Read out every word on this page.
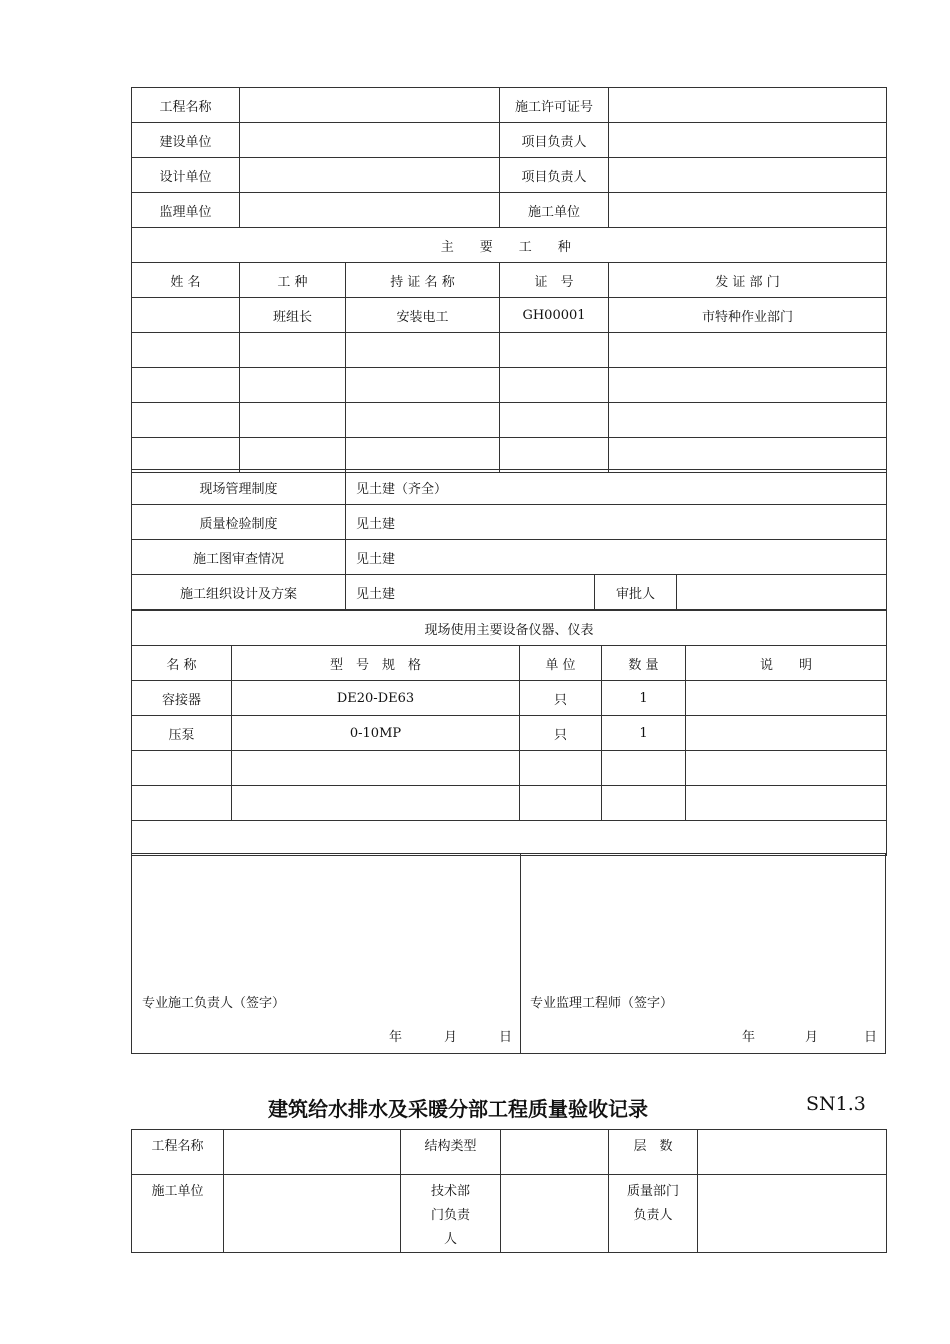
工程名称			施工许可证号	
建设单位			项目负责人	
设计单位			项目负责人	
监理单位			施工单位	
主　要　工　种				
姓 名	工 种	持 证 名 称	证　号	发 证 部 门
	班组长	安装电工	GH00001	市特种作业部门

现场管理制度	见土建（齐全）		
质量检验制度	见土建		
施工图审查情况	见土建		
施工组织设计及方案	见土建	审批人	
现场使用主要设备仪器、仪表				
名 称	型　号　规　格	单 位	数 量	说　　明
容接器	DE20-DE63	只	1	
压泵	0-10MP	只	1	

专业施工负责人（签字）
年	月	日
专业监理工程师（签字）
年	月	日
建筑给水排水及采暖分部工程质量验收记录	SN1.3
工程名称		结构类型		层　数	
施工单位		技术部门负责人		质量部门负责人	
